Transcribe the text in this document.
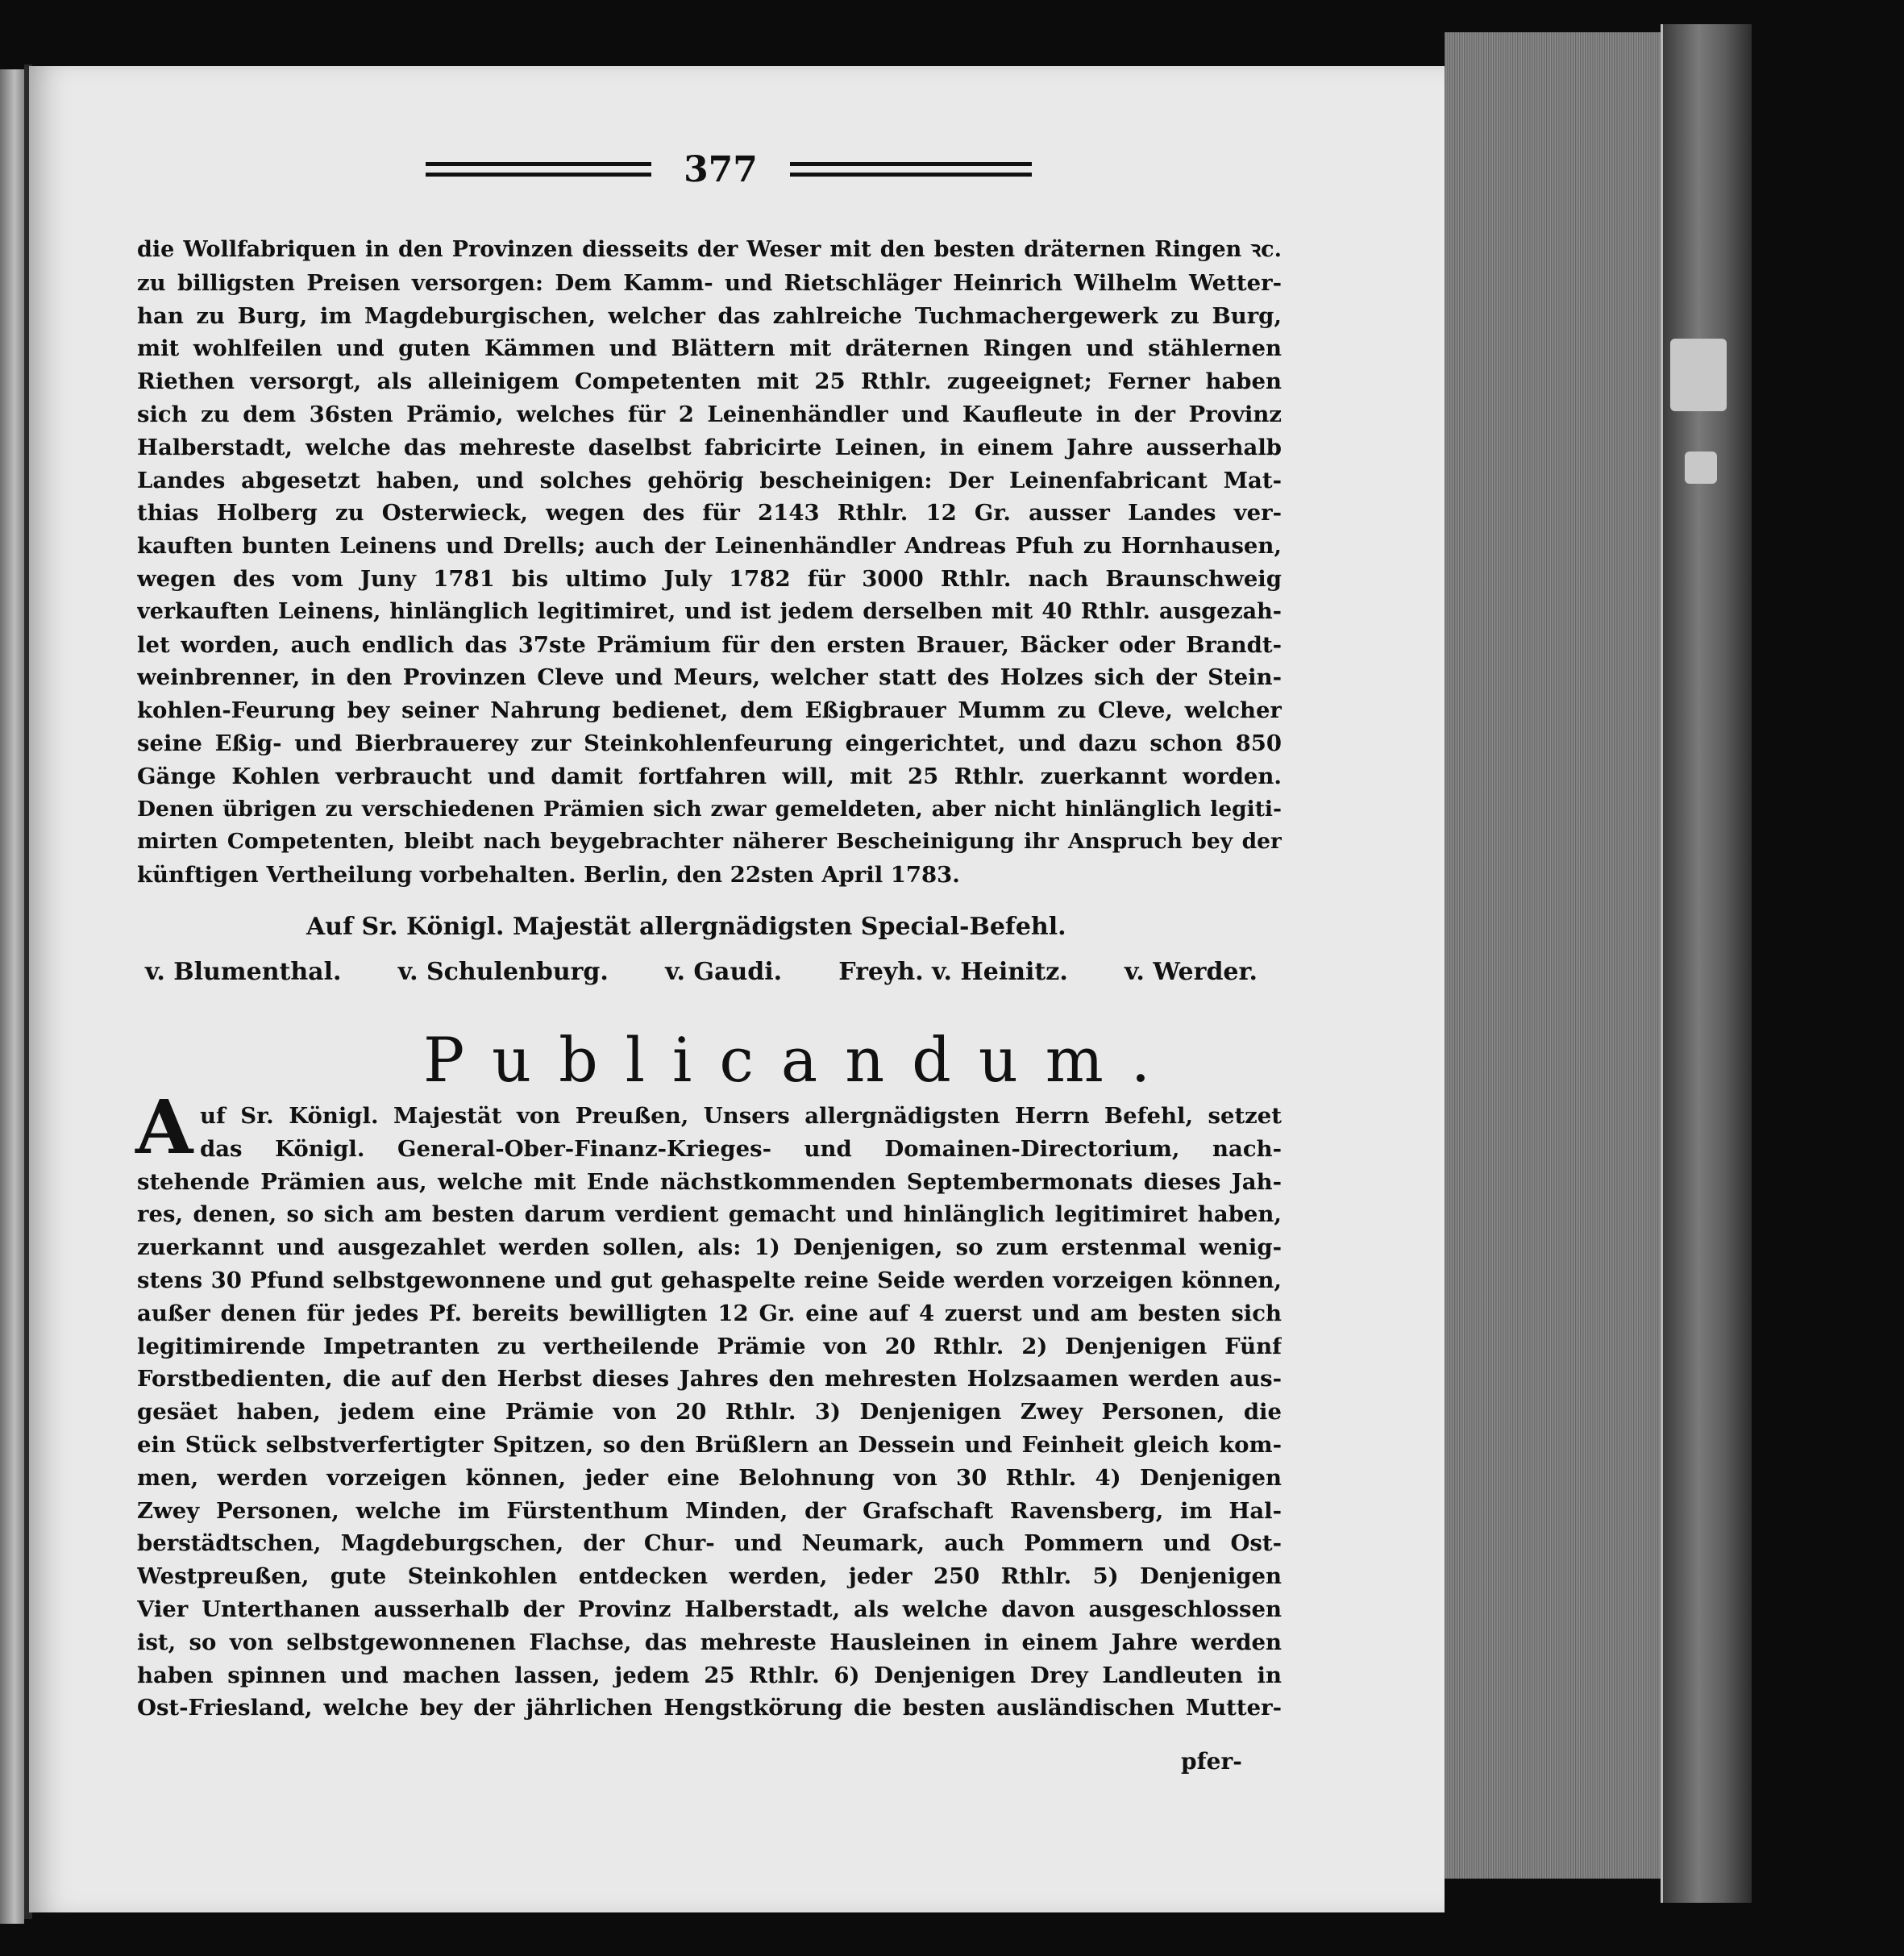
377
die Wollfabriquen in den Provinzen diesseits der Weser mit den besten dräternen Ringen ꝛc.
zu billigsten Preisen versorgen: Dem Kamm- und Rietschläger Heinrich Wilhelm Wetter-
han zu Burg, im Magdeburgischen, welcher das zahlreiche Tuchmachergewerk zu Burg,
mit wohlfeilen und guten Kämmen und Blättern mit dräternen Ringen und stählernen
Riethen versorgt, als alleinigem Competenten mit 25 Rthlr. zugeeignet; Ferner haben
sich zu dem 36sten Prämio, welches für 2 Leinenhändler und Kaufleute in der Provinz
Halberstadt, welche das mehreste daselbst fabricirte Leinen, in einem Jahre ausserhalb
Landes abgesetzt haben, und solches gehörig bescheinigen: Der Leinenfabricant Mat-
thias Holberg zu Osterwieck, wegen des für 2143 Rthlr. 12 Gr. ausser Landes ver-
kauften bunten Leinens und Drells; auch der Leinenhändler Andreas Pfuh zu Hornhausen,
wegen des vom Juny 1781 bis ultimo July 1782 für 3000 Rthlr. nach Braunschweig
verkauften Leinens, hinlänglich legitimiret, und ist jedem derselben mit 40 Rthlr. ausgezah-
let worden, auch endlich das 37ste Prämium für den ersten Brauer, Bäcker oder Brandt-
weinbrenner, in den Provinzen Cleve und Meurs, welcher statt des Holzes sich der Stein-
kohlen-Feurung bey seiner Nahrung bedienet, dem Eßigbrauer Mumm zu Cleve, welcher
seine Eßig- und Bierbrauerey zur Steinkohlenfeurung eingerichtet, und dazu schon 850
Gänge Kohlen verbraucht und damit fortfahren will, mit 25 Rthlr. zuerkannt worden.
Denen übrigen zu verschiedenen Prämien sich zwar gemeldeten, aber nicht hinlänglich legiti-
mirten Competenten, bleibt nach beygebrachter näherer Bescheinigung ihr Anspruch bey der
künftigen Vertheilung vorbehalten. Berlin, den 22sten April 1783.
Auf Sr. Königl. Majestät allergnädigsten Special-Befehl.
v. Blumenthal. v. Schulenburg. v. Gaudi. Freyh. v. Heinitz. v. Werder.
Publicandum.
A uf Sr. Königl. Majestät von Preußen, Unsers allergnädigsten Herrn Befehl, setzet
das Königl. General-Ober-Finanz-Krieges- und Domainen-Directorium, nach-
stehende Prämien aus, welche mit Ende nächstkommenden Septembermonats dieses Jah-
res, denen, so sich am besten darum verdient gemacht und hinlänglich legitimiret haben,
zuerkannt und ausgezahlet werden sollen, als: 1) Denjenigen, so zum erstenmal wenig-
stens 30 Pfund selbstgewonnene und gut gehaspelte reine Seide werden vorzeigen können,
außer denen für jedes Pf. bereits bewilligten 12 Gr. eine auf 4 zuerst und am besten sich
legitimirende Impetranten zu vertheilende Prämie von 20 Rthlr. 2) Denjenigen Fünf
Forstbedienten, die auf den Herbst dieses Jahres den mehresten Holzsaamen werden aus-
gesäet haben, jedem eine Prämie von 20 Rthlr. 3) Denjenigen Zwey Personen, die
ein Stück selbstverfertigter Spitzen, so den Brüßlern an Dessein und Feinheit gleich kom-
men, werden vorzeigen können, jeder eine Belohnung von 30 Rthlr. 4) Denjenigen
Zwey Personen, welche im Fürstenthum Minden, der Grafschaft Ravensberg, im Hal-
berstädtschen, Magdeburgschen, der Chur- und Neumark, auch Pommern und Ost-
Westpreußen, gute Steinkohlen entdecken werden, jeder 250 Rthlr. 5) Denjenigen
Vier Unterthanen ausserhalb der Provinz Halberstadt, als welche davon ausgeschlossen
ist, so von selbstgewonnenen Flachse, das mehreste Hausleinen in einem Jahre werden
haben spinnen und machen lassen, jedem 25 Rthlr. 6) Denjenigen Drey Landleuten in
Ost-Friesland, welche bey der jährlichen Hengstkörung die besten ausländischen Mutter-
pfer-
